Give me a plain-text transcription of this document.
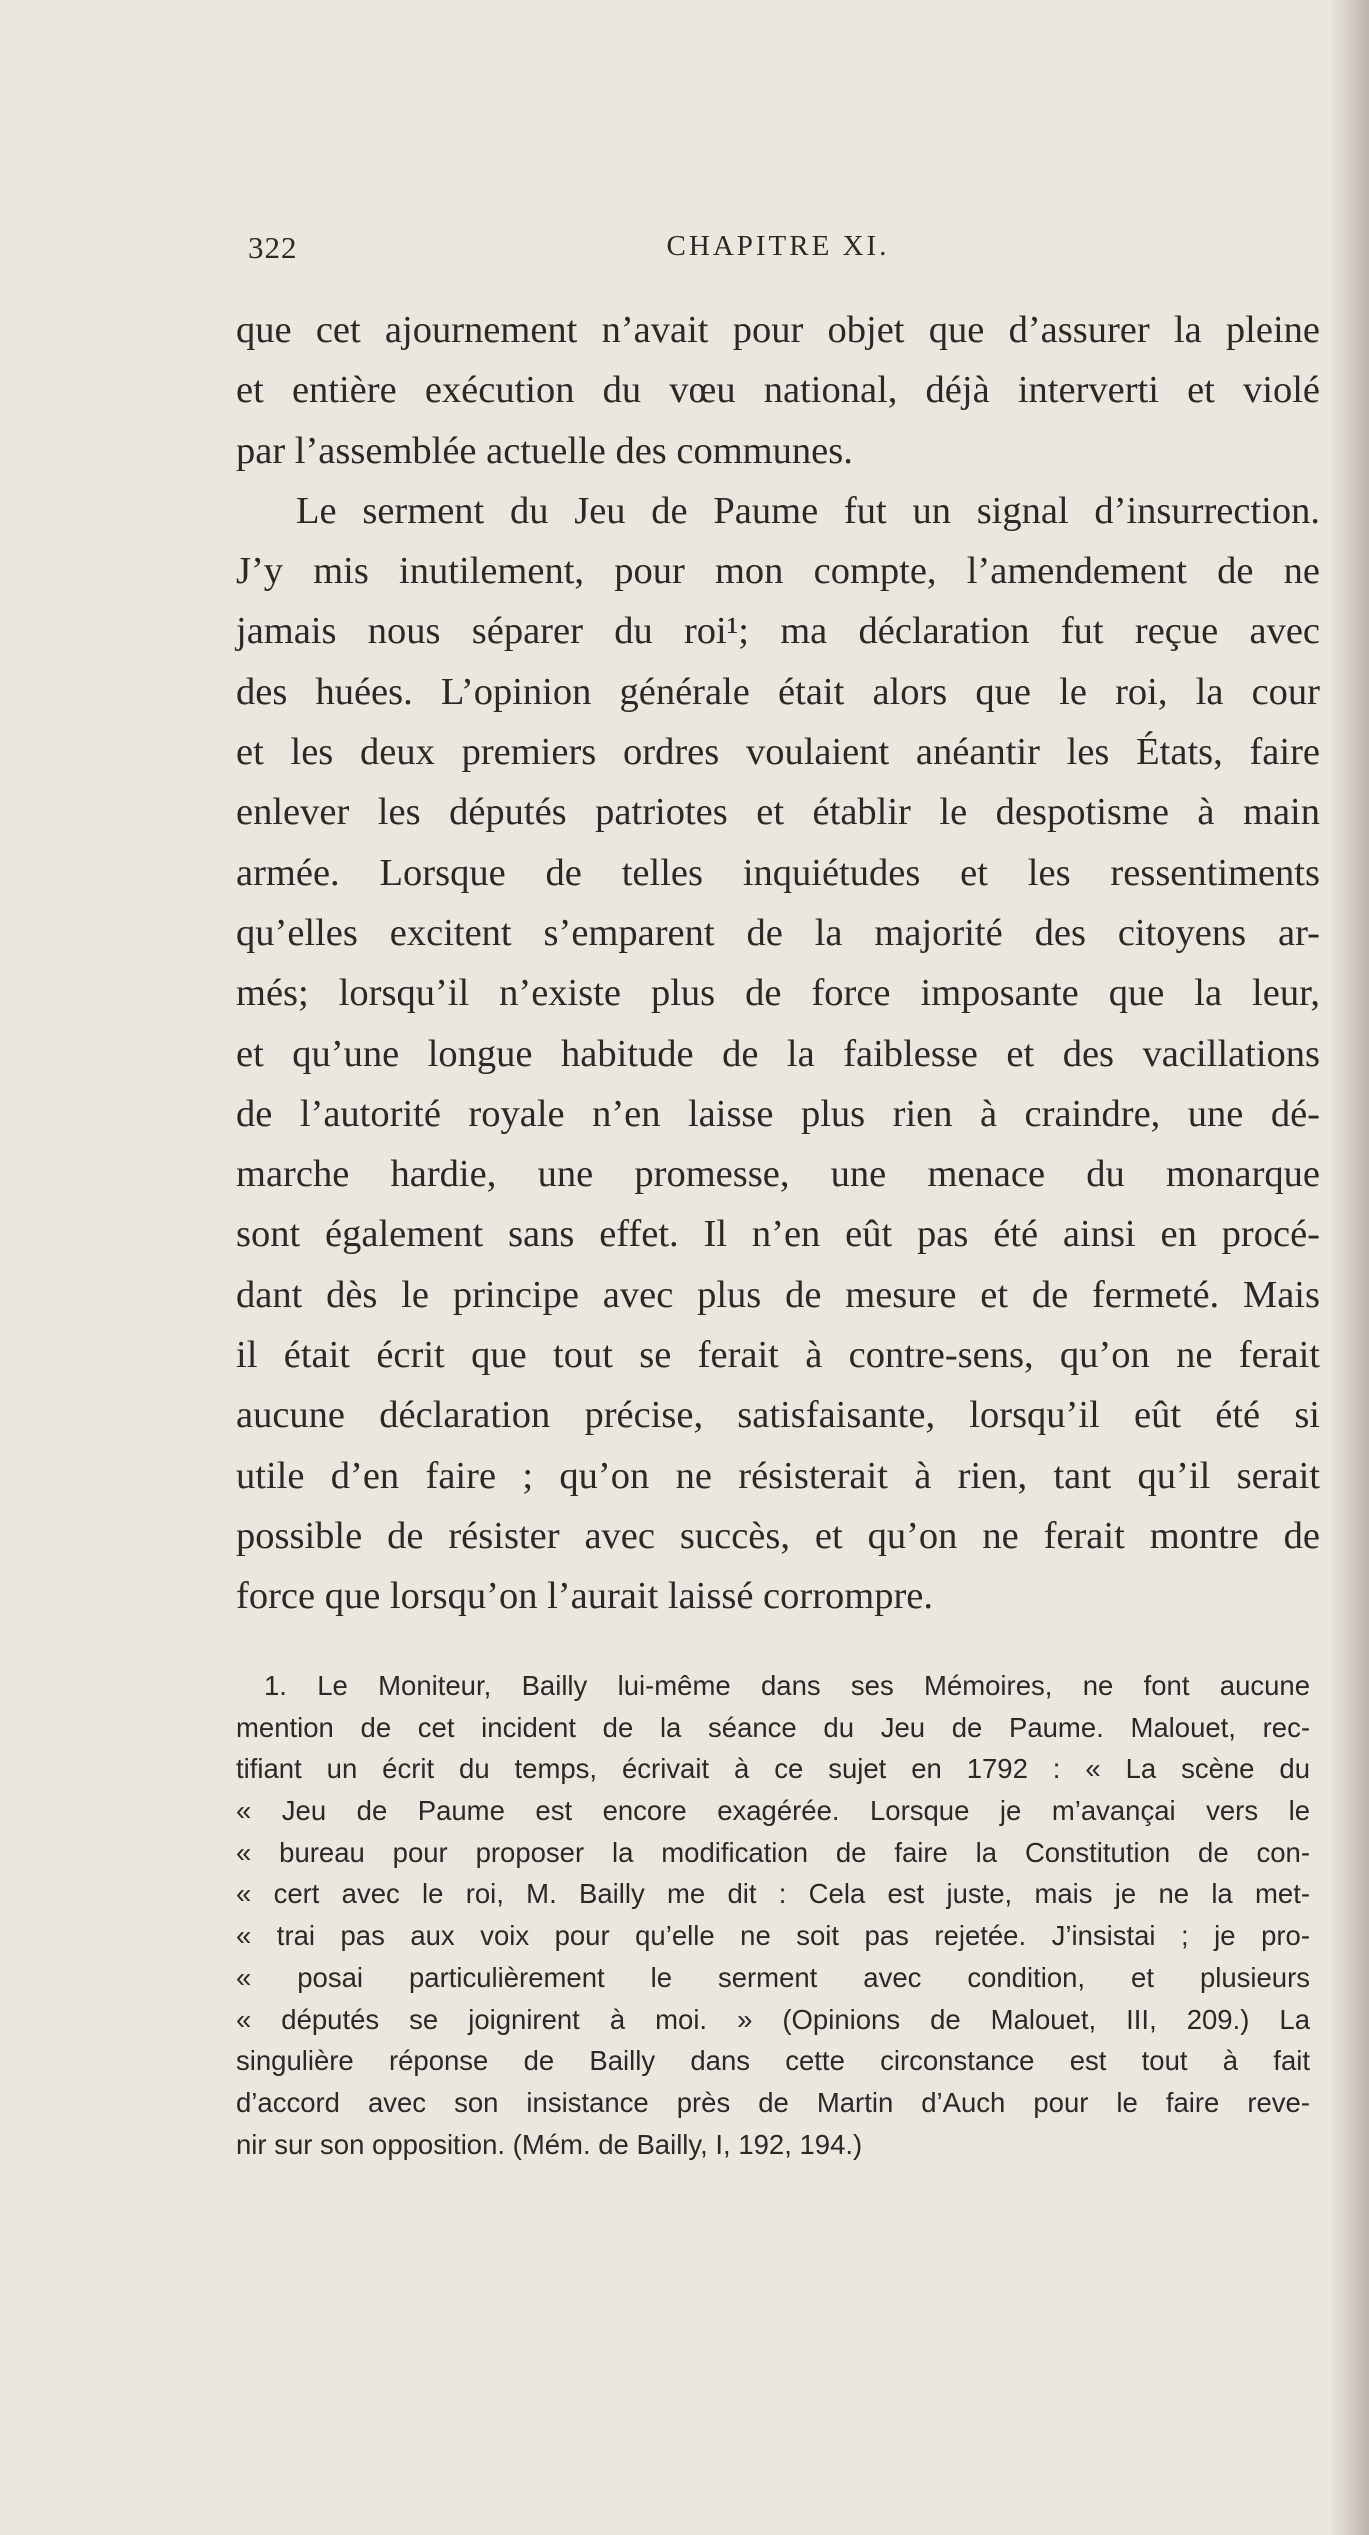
322	CHAPITRE XI.
que cet ajournement n’avait pour objet que d’assurer la pleine
et entière exécution du vœu national, déjà interverti et violé
par l’assemblée actuelle des communes.
Le serment du Jeu de Paume fut un signal d’insurrection.
J’y mis inutilement, pour mon compte, l’amendement de ne
jamais nous séparer du roi¹; ma déclaration fut reçue avec
des huées. L’opinion générale était alors que le roi, la cour
et les deux premiers ordres voulaient anéantir les États, faire
enlever les députés patriotes et établir le despotisme à main
armée. Lorsque de telles inquiétudes et les ressentiments
qu’elles excitent s’emparent de la majorité des citoyens ar-
més; lorsqu’il n’existe plus de force imposante que la leur,
et qu’une longue habitude de la faiblesse et des vacillations
de l’autorité royale n’en laisse plus rien à craindre, une dé-
marche hardie, une promesse, une menace du monarque
sont également sans effet. Il n’en eût pas été ainsi en procé-
dant dès le principe avec plus de mesure et de fermeté. Mais
il était écrit que tout se ferait à contre-sens, qu’on ne ferait
aucune déclaration précise, satisfaisante, lorsqu’il eût été si
utile d’en faire ; qu’on ne résisterait à rien, tant qu’il serait
possible de résister avec succès, et qu’on ne ferait montre de
force que lorsqu’on l’aurait laissé corrompre.
1. Le Moniteur, Bailly lui-même dans ses Mémoires, ne font aucune
mention de cet incident de la séance du Jeu de Paume. Malouet, rec-
tifiant un écrit du temps, écrivait à ce sujet en 1792 : « La scène du
« Jeu de Paume est encore exagérée. Lorsque je m’avançai vers le
« bureau pour proposer la modification de faire la Constitution de con-
« cert avec le roi, M. Bailly me dit : Cela est juste, mais je ne la met-
« trai pas aux voix pour qu’elle ne soit pas rejetée. J’insistai ; je pro-
« posai particulièrement le serment avec condition, et plusieurs
« députés se joignirent à moi. » (Opinions de Malouet, III, 209.) La
singulière réponse de Bailly dans cette circonstance est tout à fait
d’accord avec son insistance près de Martin d’Auch pour le faire reve-
nir sur son opposition. (Mém. de Bailly, I, 192, 194.)
